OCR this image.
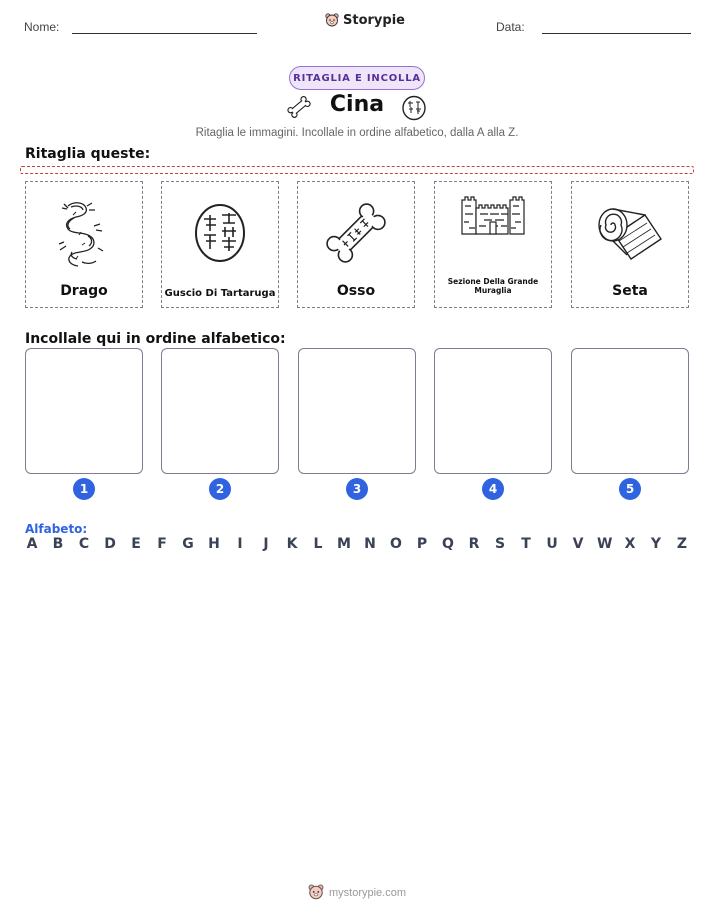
Nome:	Storypie	Data:
RITAGLIA E INCOLLA
Cina
Ritaglia le immagini. Incollale in ordine alfabetico, dalla A alla Z.
Ritaglia queste:
Drago	Guscio Di Tartaruga	Osso
Sezione Della Grande Muraglia	Seta
Incollale qui in ordine alfabetico:
1	2	3	4	5
Alfabeto:
A B C D E F G H	I	J	K L M N O P Q R S T U V W X Y Z
mystorypie.com
